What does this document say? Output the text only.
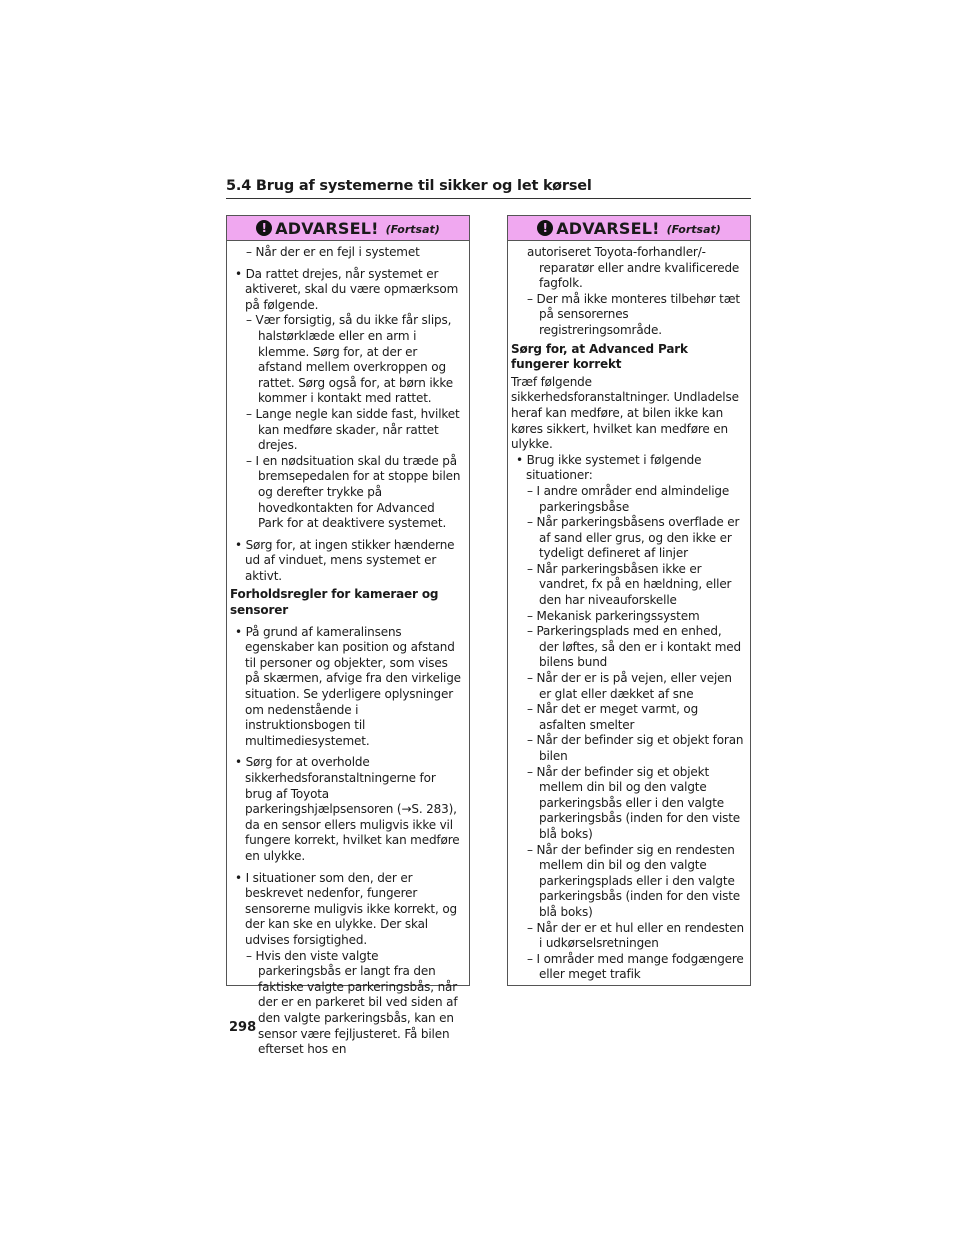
5.4 Brug af systemerne til sikker og let kørsel
! ADVARSEL! (Fortsat)
– Når der er en fejl i systemet
• Da rattet drejes, når systemet er aktiveret, skal du være opmærksom på følgende.
– Vær forsigtig, så du ikke får slips, halstørklæde eller en arm i klemme. Sørg for, at der er afstand mellem overkroppen og rattet. Sørg også for, at børn ikke kommer i kontakt med rattet.
– Lange negle kan sidde fast, hvilket kan medføre skader, når rattet drejes.
– I en nødsituation skal du træde på bremsepedalen for at stoppe bilen og derefter trykke på hovedkontakten for Advanced Park for at deaktivere systemet.
• Sørg for, at ingen stikker hænderne ud af vinduet, mens systemet er aktivt.
Forholdsregler for kameraer og sensorer
• På grund af kameralinsens egenskaber kan position og afstand til personer og objekter, som vises på skærmen, afvige fra den virkelige situation. Se yderligere oplysninger om nedenstående i instruktionsbogen til multimediesystemet.
• Sørg for at overholde sikkerhedsforanstaltningerne for brug af Toyota parkeringshjælpsensoren (→S. 283), da en sensor ellers muligvis ikke vil fungere korrekt, hvilket kan medføre en ulykke.
• I situationer som den, der er beskrevet nedenfor, fungerer sensorerne muligvis ikke korrekt, og der kan ske en ulykke. Der skal udvises forsigtighed.
– Hvis den viste valgte parkeringsbås er langt fra den faktiske valgte parkeringsbås, når der er en parkeret bil ved siden af den valgte parkeringsbås, kan en sensor være fejljusteret. Få bilen efterset hos en
! ADVARSEL! (Fortsat)
autoriseret Toyota-forhandler/-reparatør eller andre kvalificerede fagfolk.
– Der må ikke monteres tilbehør tæt på sensorernes registreringsområde.
Sørg for, at Advanced Park fungerer korrekt
Træf følgende sikkerhedsforanstaltninger. Undladelse heraf kan medføre, at bilen ikke kan køres sikkert, hvilket kan medføre en ulykke.
• Brug ikke systemet i følgende situationer:
– I andre områder end almindelige parkeringsbåse
– Når parkeringsbåsens overflade er af sand eller grus, og den ikke er tydeligt defineret af linjer
– Når parkeringsbåsen ikke er vandret, fx på en hældning, eller den har niveauforskelle
– Mekanisk parkeringssystem
– Parkeringsplads med en enhed, der løftes, så den er i kontakt med bilens bund
– Når der er is på vejen, eller vejen er glat eller dækket af sne
– Når det er meget varmt, og asfalten smelter
– Når der befinder sig et objekt foran bilen
– Når der befinder sig et objekt mellem din bil og den valgte parkeringsbås eller i den valgte parkeringsbås (inden for den viste blå boks)
– Når der befinder sig en rendesten mellem din bil og den valgte parkeringsplads eller i den valgte parkeringsbås (inden for den viste blå boks)
– Når der er et hul eller en rendesten i udkørselsretningen
– I områder med mange fodgængere eller meget trafik
298
